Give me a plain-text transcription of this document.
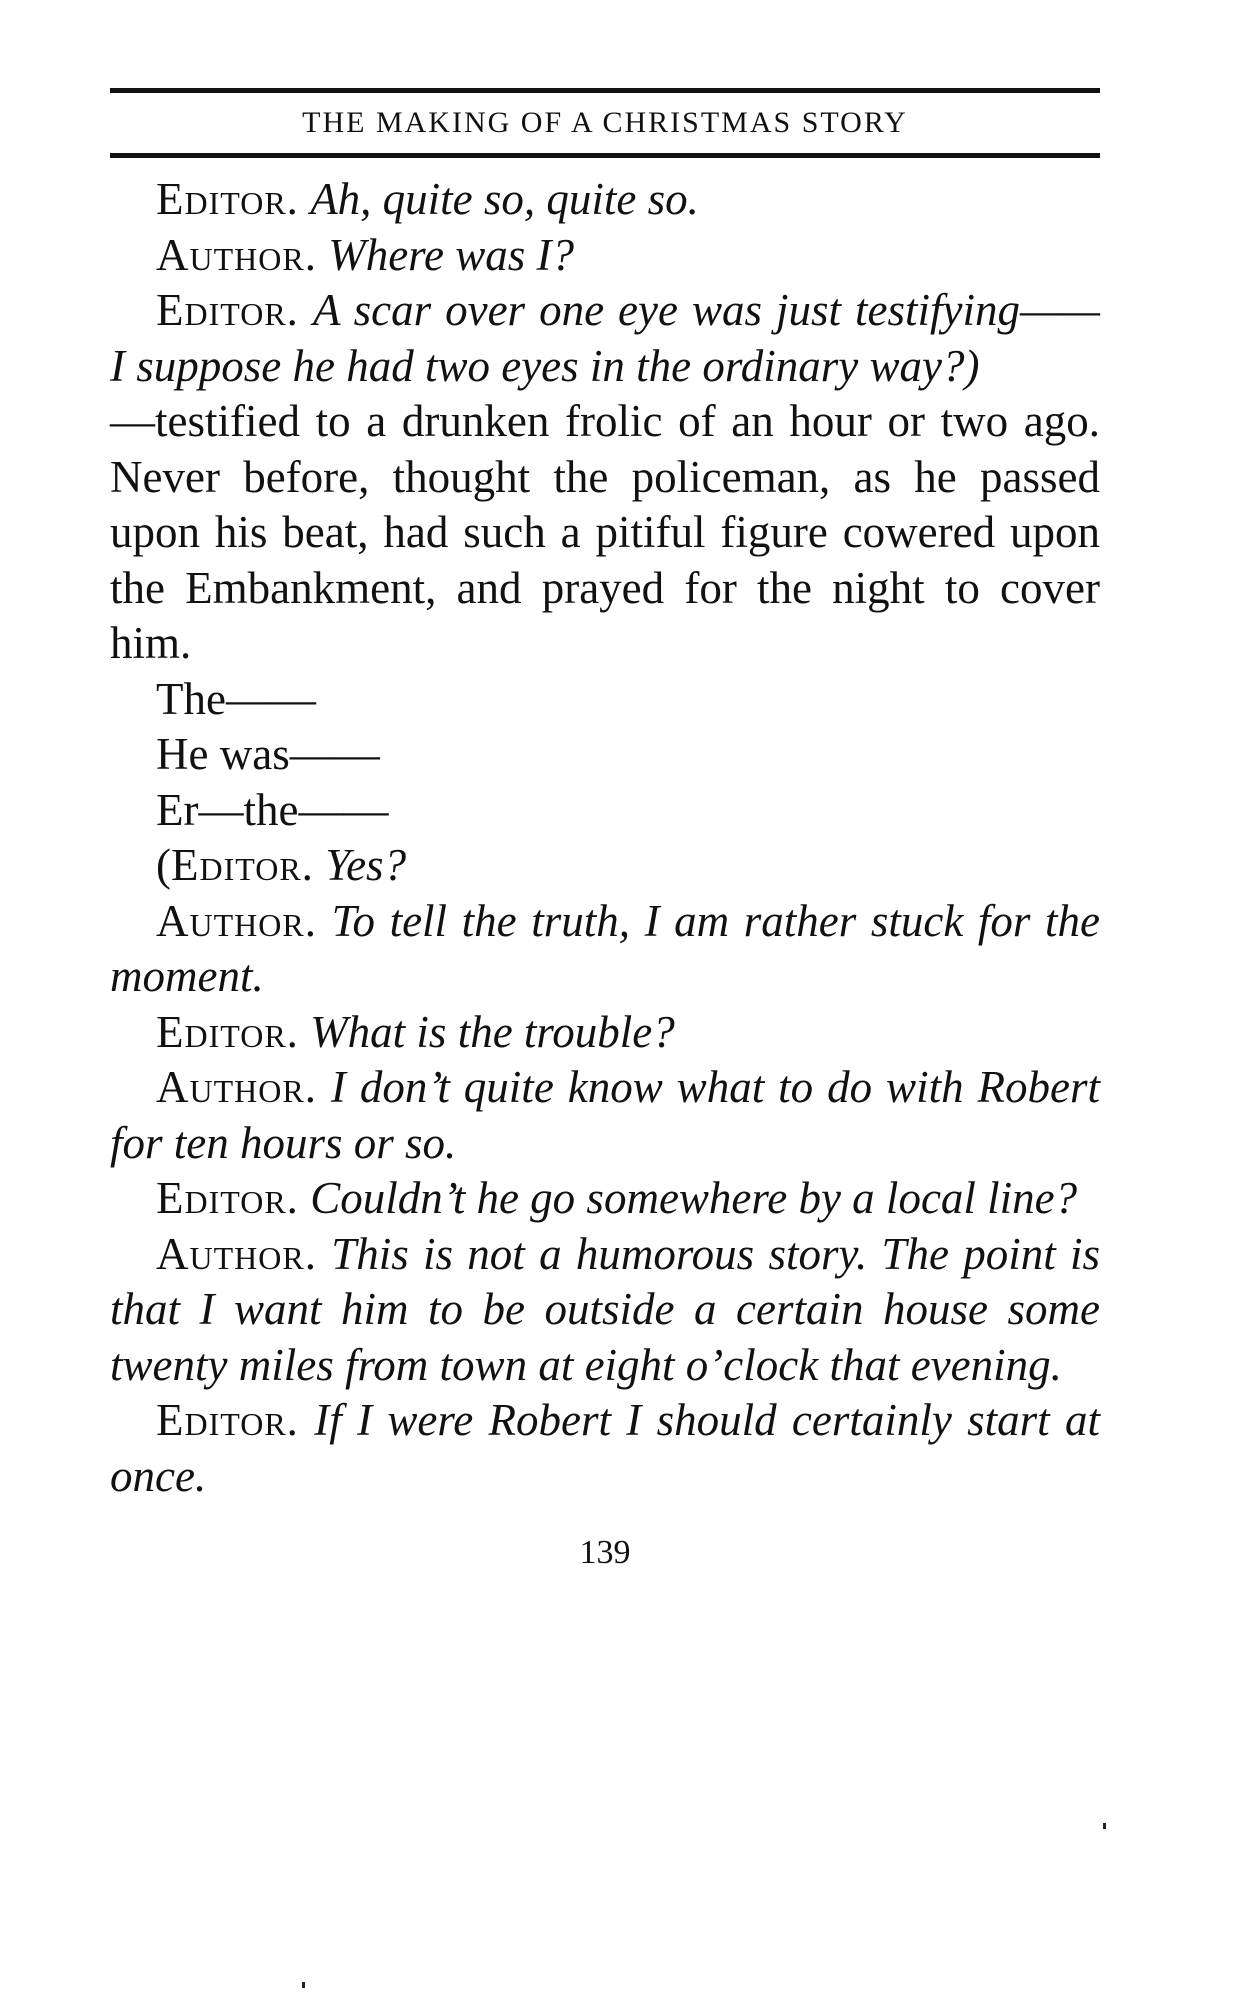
THE MAKING OF A CHRISTMAS STORY

Editor. Ah, quite so, quite so.

Author. Where was I?

Editor. A scar over one eye was just testifying—— I suppose he had two eyes in the ordinary way?)

—testified to a drunken frolic of an hour or two ago. Never before, thought the policeman, as he passed upon his beat, had such a pitiful figure cowered upon the Embankment, and prayed for the night to cover him.

The——

He was——

Er—the——

(Editor. Yes?

Author. To tell the truth, I am rather stuck for the moment.

Editor. What is the trouble?

Author. I don’t quite know what to do with Robert for ten hours or so.

Editor. Couldn’t he go somewhere by a local line?

Author. This is not a humorous story. The point is that I want him to be outside a certain house some twenty miles from town at eight o’clock that evening.

Editor. If I were Robert I should certainly start at once.

139
